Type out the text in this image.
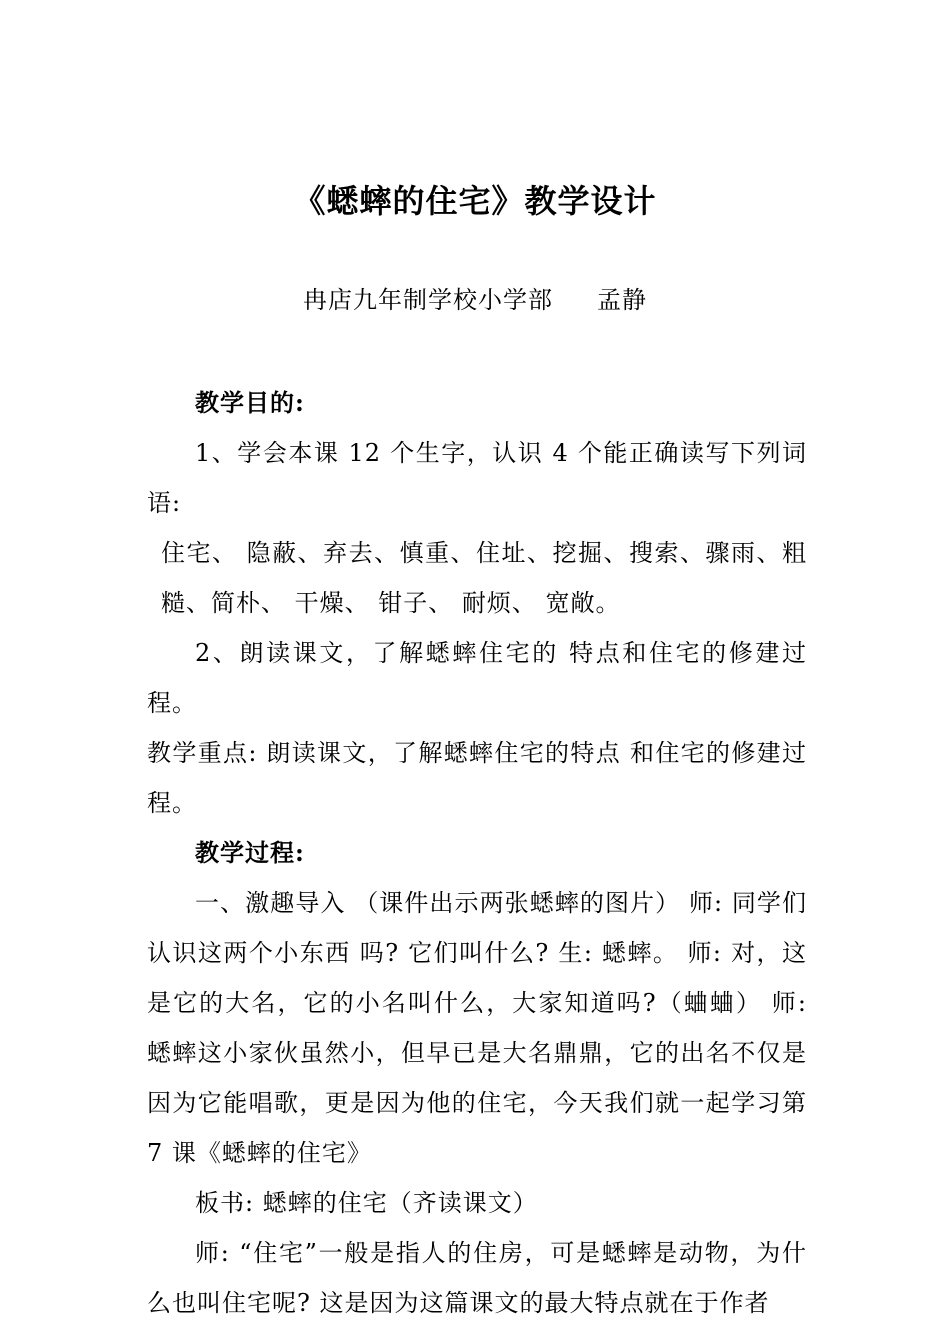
《蟋蟀的住宅》教学设计
冉店九年制学校小学部 孟静

教学目的:

1、学会本课 12 个生字，认识 4 个能正确读写下列词语:

住宅、 隐蔽、弃去、慎重、住址、挖掘、搜索、骤雨、粗糙、简朴、 干燥、 钳子、 耐烦、 宽敞。

2、朗读课文，了解蟋蟀住宅的 特点和住宅的修建过程。

教学重点: 朗读课文，了解蟋蟀住宅的特点 和住宅的修建过程。

教学过程:

一、激趣导入 （课件出示两张蟋蟀的图片） 师: 同学们认识这两个小东西 吗? 它们叫什么? 生: 蟋蟀。 师: 对，这是它的大名，它的小名叫什么，大家知道吗?（蛐蛐） 师: 蟋蟀这小家伙虽然小，但早已是大名鼎鼎，它的出名不仅是因为它能唱歌，更是因为他的住宅，今天我们就一起学习第 7 课《蟋蟀的住宅》

板书: 蟋蟀的住宅（齐读课文）

师: “住宅”一般是指人的住房，可是蟋蟀是动物，为什么也叫住宅呢? 这是因为这篇课文的最大特点就在于作者
